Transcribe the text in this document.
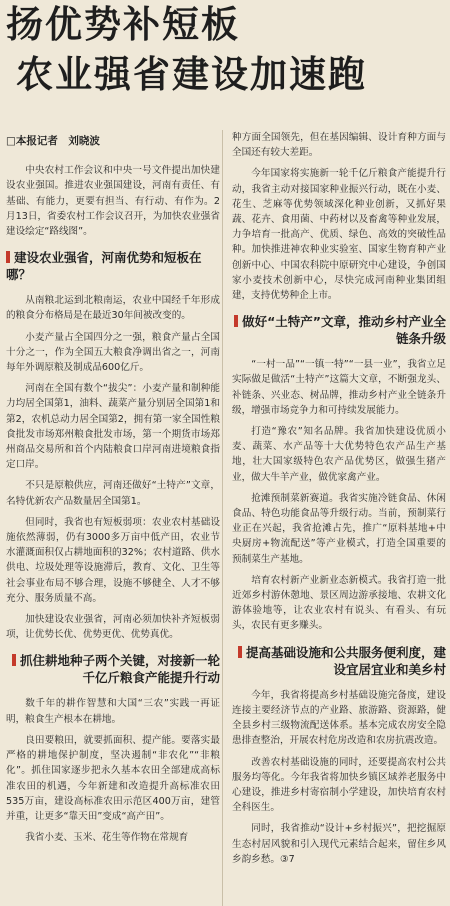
扬优势补短板
农业强省建设加速跑
□本报记者　刘晓波

中央农村工作会议和中央一号文件提出加快建设农业强国。推进农业强国建设，河南有责任、有基础、有能力，更要有担当、有行动、有作为。2月13日，省委农村工作会议召开，为加快农业强省建设绘定“路线图”。

建设农业强省，河南优势和短板在哪？

从南粮北运到北粮南运，农业中国经千年形成的粮食分布格局是在最近30年间被改变的。

小麦产量占全国四分之一强，粮食产量占全国十分之一，作为全国五大粮食净调出省之一，河南每年外调原粮及制成品600亿斤。

河南在全国有数个“拔尖”：小麦产量和制种能力均居全国第1，油料、蔬菜产量分别居全国第1和第2，农机总动力居全国第2，拥有第一家全国性粮食批发市场郑州粮食批发市场，第一个期货市场郑州商品交易所和首个内陆粮食口岸河南进境粮食指定口岸。

不只是原粮供应，河南还做好“土特产”文章，名特优新农产品数量居全国第1。

但同时，我省也有短板弱项：农业农村基础设施依然薄弱，仍有3000多万亩中低产田，农业节水灌溉面积仅占耕地面积的32%；农村道路、供水供电、垃圾处理等设施滞后，教育、文化、卫生等社会事业布局不够合理，设施不够健全、人才不够充分、服务质量不高。

加快建设农业强省，河南必须加快补齐短板弱项，让优势长优、优势更优、优势真优。

抓住耕地种子两个关键，对接新一轮千亿斤粮食产能提升行动

数千年的耕作智慧和大国“三农”实践一再证明，粮食生产根本在耕地。

良田要粮田，就要抓面积、提产能。要落实最严格的耕地保护制度，坚决遏制“非农化”“非粮化”。抓住国家逐步把永久基本农田全部建成高标准农田的机遇，今年新建和改造提升高标准农田535万亩，建设高标准农田示范区400万亩，建管并重，让更多“靠天田”变成“高产田”。

我省小麦、玉米、花生等作物在常规育

种方面全国领先，但在基因编辑、设计育种方面与全国还有较大差距。

今年国家将实施新一轮千亿斤粮食产能提升行动，我省主动对接国家种业振兴行动，既在小麦、花生、芝麻等优势领域深化种业创新，又抓好果蔬、花卉、食用菌、中药材以及畜禽等种业发展，力争培育一批高产、优质、绿色、高效的突破性品种。加快推进神农种业实验室、国家生物育种产业创新中心、中国农科院中原研究中心建设，争创国家小麦技术创新中心，尽快完成河南种业集团组建，支持优势种企上市。

做好“土特产”文章，推动乡村产业全链条升级

“一村一品”“一镇一特”“一县一业”，我省立足实际做足做活“土特产”这篇大文章，不断强龙头、补链条、兴业态、树品牌，推动乡村产业全链条升级，增强市场竞争力和可持续发展能力。

打造“豫农”知名品牌。我省加快建设优质小麦、蔬菜、水产品等十大优势特色农产品生产基地，壮大国家级特色农产品优势区，做强生猪产业，做大牛羊产业，做优家禽产业。

抢滩预制菜新赛道。我省实施冷链食品、休闲食品、特色功能食品等升级行动。当前，预制菜行业正在兴起，我省抢滩占先，推广“原料基地+中央厨房+物流配送”等产业模式，打造全国重要的预制菜生产基地。

培育农村新产业新业态新模式。我省打造一批近郊乡村游休憩地、景区周边游承接地、农耕文化游体验地等，让农业农村有说头、有看头、有玩头，农民有更多赚头。

提高基础设施和公共服务便利度，建设宜居宜业和美乡村

今年，我省将提高乡村基础设施完备度，建设连接主要经济节点的产业路、旅游路、资源路，健全县乡村三级物流配送体系。基本完成农房安全隐患排查整治，开展农村危房改造和农房抗震改造。

改善农村基础设施的同时，还要提高农村公共服务均等化。今年我省将加快乡镇区域养老服务中心建设，推进乡村寄宿制小学建设，加快培育农村全科医生。

同时，我省推动“设计+乡村振兴”，把挖掘原生态村居风貌和引入现代元素结合起来，留住乡风乡韵乡愁。③7
